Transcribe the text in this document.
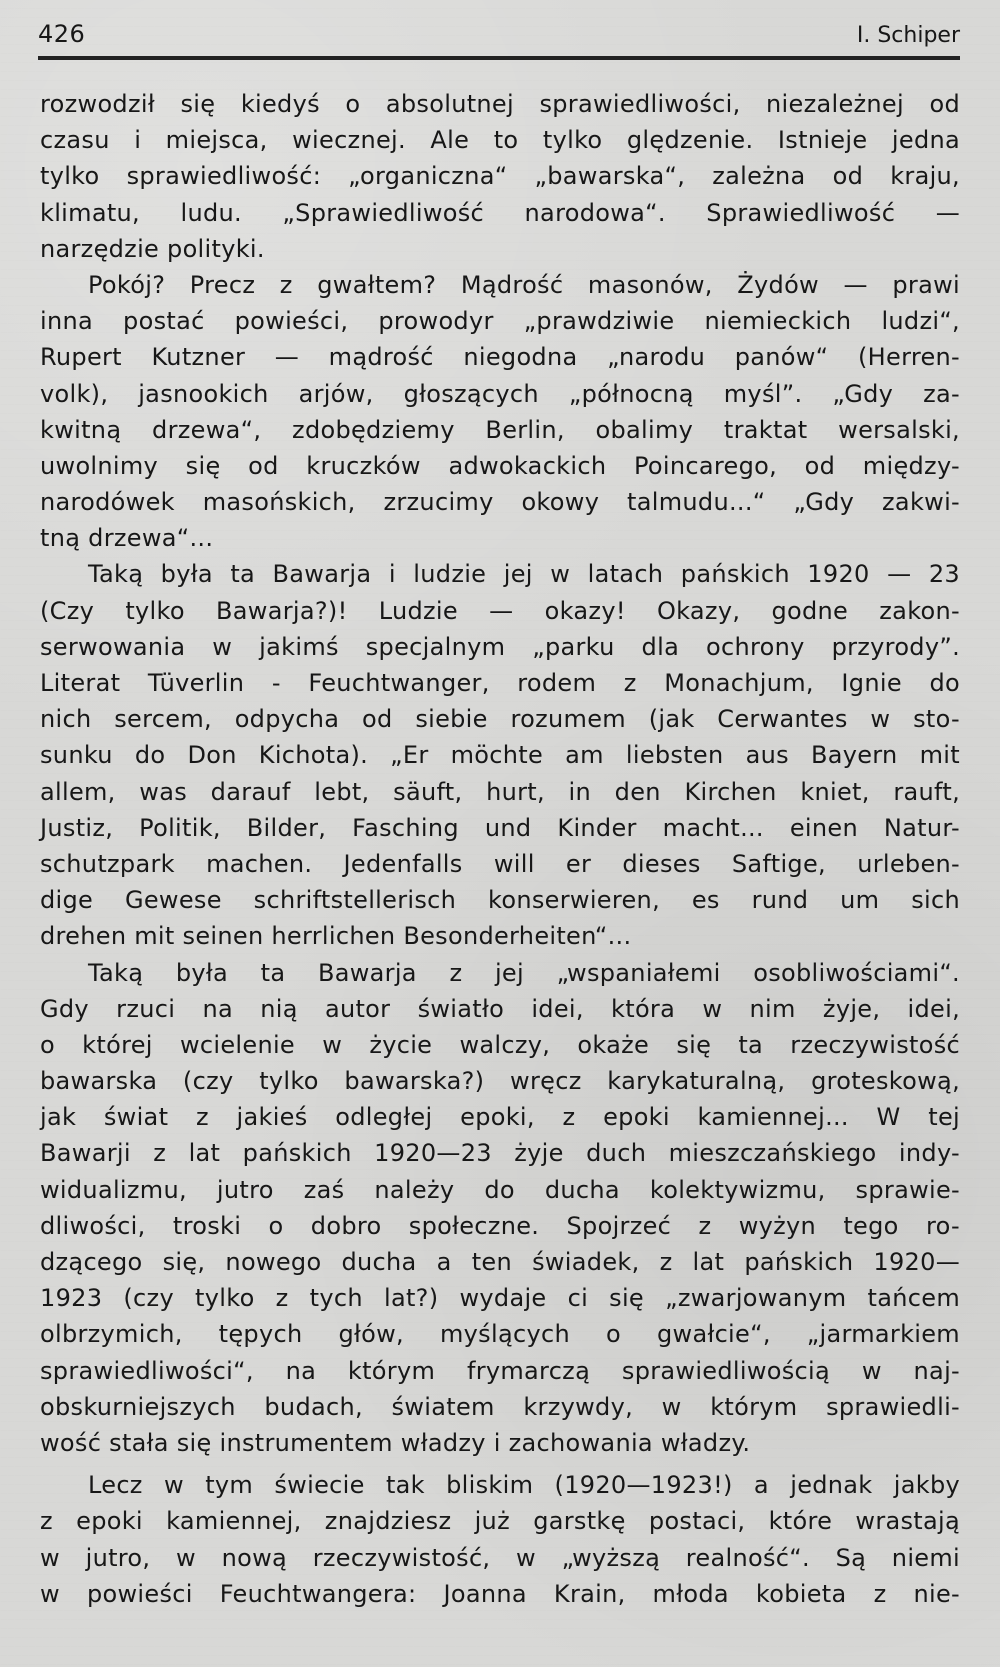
426	I. Schiper
rozwodził się kiedyś o absolutnej sprawiedliwości, niezależnej od
czasu i miejsca, wiecznej. Ale to tylko ględzenie. Istnieje jedna
tylko sprawiedliwość: „organiczna“ „bawarska“, zależna od kraju,
klimatu, ludu. „Sprawiedliwość narodowa“. Sprawiedliwość —
narzędzie polityki.
Pokój? Precz z gwałtem? Mądrość masonów, Żydów — prawi
inna postać powieści, prowodyr „prawdziwie niemieckich ludzi“,
Rupert Kutzner — mądrość niegodna „narodu panów“ (Herren-
volk), jasnookich arjów, głoszących „północną myśl”. „Gdy za-
kwitną drzewa“, zdobędziemy Berlin, obalimy traktat wersalski,
uwolnimy się od kruczków adwokackich Poincarego, od między-
narodówek masońskich, zrzucimy okowy talmudu...“ „Gdy zakwi-
tną drzewa“...
Taką była ta Bawarja i ludzie jej w latach pańskich 1920 — 23
(Czy tylko Bawarja?)! Ludzie — okazy! Okazy, godne zakon-
serwowania w jakimś specjalnym „parku dla ochrony przyrody”.
Literat Tüverlin - Feuchtwanger, rodem z Monachjum, Ignie do
nich sercem, odpycha od siebie rozumem (jak Cerwantes w sto-
sunku do Don Kichota). „Er möchte am liebsten aus Bayern mit
allem, was darauf lebt, säuft, hurt, in den Kirchen kniet, rauft,
Justiz, Politik, Bilder, Fasching und Kinder macht... einen Natur-
schutzpark machen. Jedenfalls will er dieses Saftige, urleben-
dige Gewese schriftstellerisch konserwieren, es rund um sich
drehen mit seinen herrlichen Besonderheiten“...
Taką była ta Bawarja z jej „wspaniałemi osobliwościami“.
Gdy rzuci na nią autor światło idei, która w nim żyje, idei,
o której wcielenie w życie walczy, okaże się ta rzeczywistość
bawarska (czy tylko bawarska?) wręcz karykaturalną, groteskową,
jak świat z jakieś odległej epoki, z epoki kamiennej... W tej
Bawarji z lat pańskich 1920—23 żyje duch mieszczańskiego indy-
widualizmu, jutro zaś należy do ducha kolektywizmu, sprawie-
dliwości, troski o dobro społeczne. Spojrzeć z wyżyn tego ro-
dzącego się, nowego ducha a ten świadek, z lat pańskich 1920—
1923 (czy tylko z tych lat?) wydaje ci się „zwarjowanym tańcem
olbrzymich, tępych głów, myślących o gwałcie“, „jarmarkiem
sprawiedliwości“, na którym frymarczą sprawiedliwością w naj-
obskurniejszych budach, światem krzywdy, w którym sprawiedli-
wość stała się instrumentem władzy i zachowania władzy.
Lecz w tym świecie tak bliskim (1920—1923!) a jednak jakby
z epoki kamiennej, znajdziesz już garstkę postaci, które wrastają
w jutro, w nową rzeczywistość, w „wyższą realność“. Są niemi
w powieści Feuchtwangera: Joanna Krain, młoda kobieta z nie-
